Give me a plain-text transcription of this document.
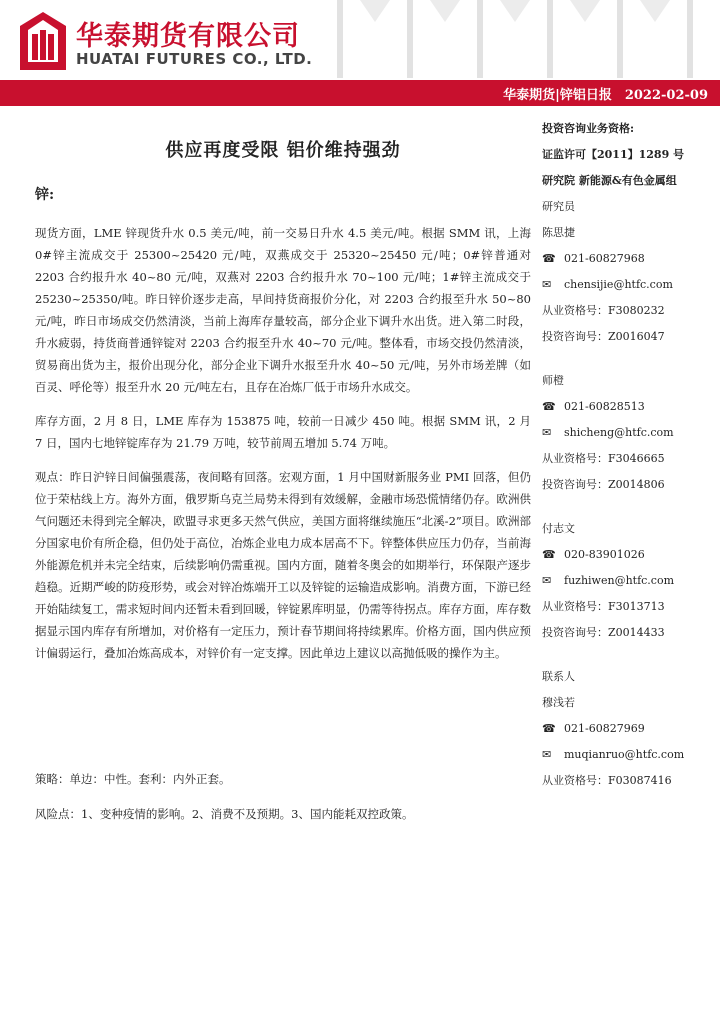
华泰期货有限公司
HUATAI FUTURES CO., LTD.
华泰期货|锌铝日报　2022-02-09
供应再度受限 铝价维持强劲
锌:

现货方面，LME 锌现货升水 0.5 美元/吨，前一交易日升水 4.5 美元/吨。根据 SMM 讯，上海 0#锌主流成交于 25300~25420 元/吨，双燕成交于 25320~25450 元/吨；0#锌普通对 2203 合约报升水 40~80 元/吨，双燕对 2203 合约报升水 70~100 元/吨；1#锌主流成交于 25230~25350/吨。昨日锌价逐步走高，早间持货商报价分化，对 2203 合约报至升水 50~80 元/吨，昨日市场成交仍然清淡，当前上海库存量较高，部分企业下调升水出货。进入第二时段，升水疲弱，持货商普通锌锭对 2203 合约报至升水 40~70 元/吨。整体看，市场交投仍然清淡，贸易商出货为主，报价出现分化，部分企业下调升水报至升水 40~50 元/吨，另外市场差牌（如百灵、呼伦等）报至升水 20 元/吨左右，且存在冶炼厂低于市场升水成交。

库存方面，2 月 8 日，LME 库存为 153875 吨，较前一日减少 450 吨。根据 SMM 讯，2 月 7 日，国内七地锌锭库存为 21.79 万吨，较节前周五增加 5.74 万吨。

观点：昨日沪锌日间偏强震荡，夜间略有回落。宏观方面，1 月中国财新服务业 PMI 回落，但仍位于荣枯线上方。海外方面，俄罗斯乌克兰局势未得到有效缓解，金融市场恐慌情绪仍存。欧洲供气问题还未得到完全解决，欧盟寻求更多天然气供应，美国方面将继续施压“北溪-2”项目。欧洲部分国家电价有所企稳，但仍处于高位，冶炼企业电力成本居高不下。锌整体供应压力仍存，当前海外能源危机并未完全结束，后续影响仍需重视。国内方面，随着冬奥会的如期举行，环保限产逐步趋稳。近期严峻的防疫形势，或会对锌冶炼端开工以及锌锭的运输造成影响。消费方面，下游已经开始陆续复工，需求短时间内还暂未看到回暖，锌锭累库明显，仍需等待拐点。库存方面，库存数据显示国内库存有所增加，对价格有一定压力，预计春节期间将持续累库。价格方面，国内供应预计偏弱运行，叠加冶炼高成本，对锌价有一定支撑。因此单边上建议以高抛低吸的操作为主。

策略：单边：中性。套利：内外正套。
风险点：1、变种疫情的影响。2、消费不及预期。3、国内能耗双控政策。
投资咨询业务资格:
证监许可【2011】1289 号
研究院 新能源&有色金属组
研究员
陈思捷
☎ 021-60827968
✉ chensijie@htfc.com
从业资格号：F3080232
投资咨询号：Z0016047
师橙
☎ 021-60828513
✉ shicheng@htfc.com
从业资格号：F3046665
投资咨询号：Z0014806
付志文
☎ 020-83901026
✉ fuzhiwen@htfc.com
从业资格号：F3013713
投资咨询号：Z0014433
联系人
穆浅若
☎ 021-60827969
✉ muqianruo@htfc.com
从业资格号：F03087416
